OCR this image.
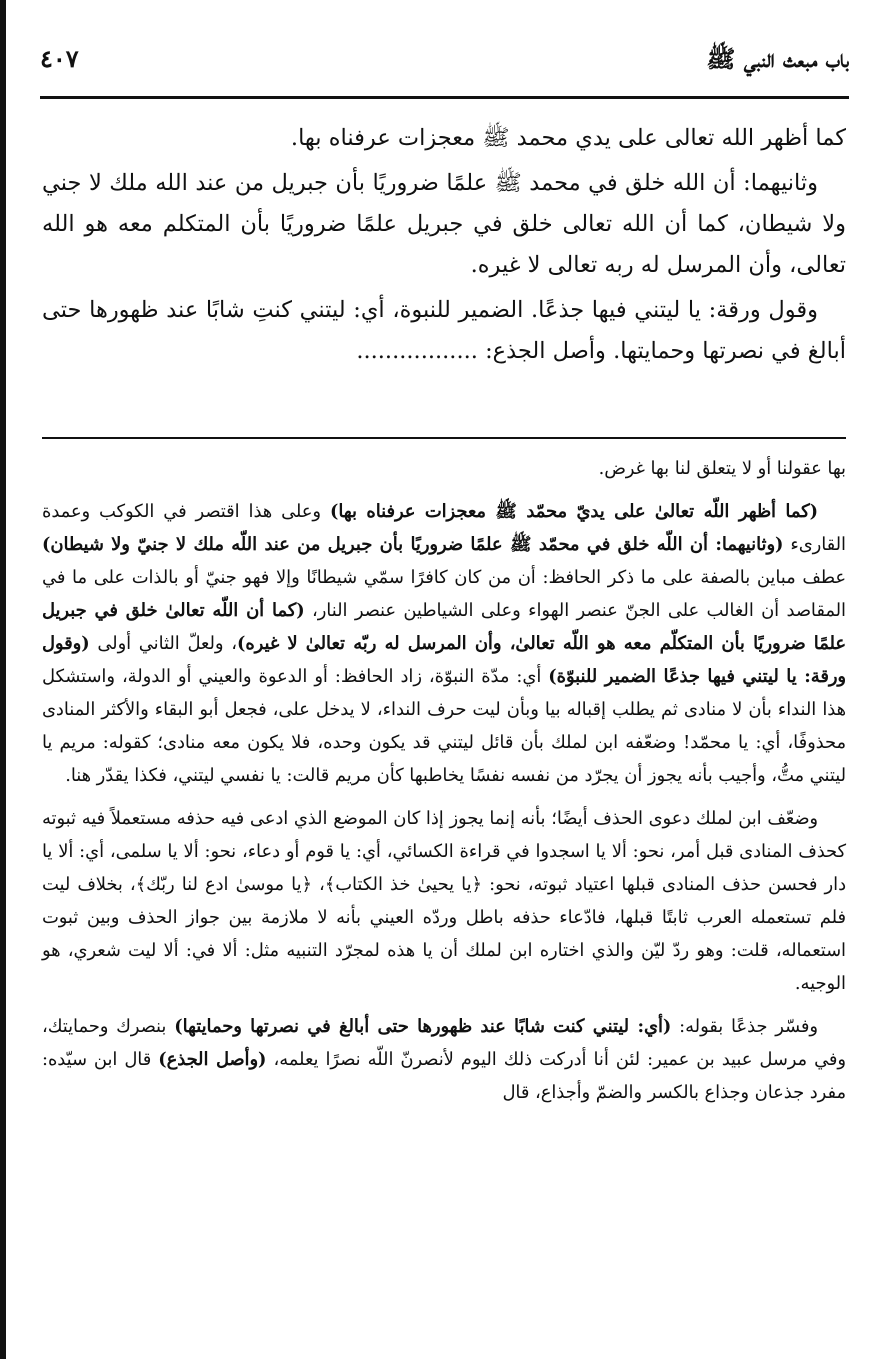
باب مبعث النبي ﷺ
٤٠٧

كما أظهر الله تعالى على يدي محمد ﷺ معجزات عرفناه بها.

وثانيهما: أن الله خلق في محمد ﷺ علمًا ضروريًا بأن جبريل من عند الله ملك لا جني ولا شيطان، كما أن الله تعالى خلق في جبريل علمًا ضروريًا بأن المتكلم معه هو الله تعالى، وأن المرسل له ربه تعالى لا غيره.

وقول ورقة: يا ليتني فيها جذعًا. الضمير للنبوة، أي: ليتني كنتِ شابًا عند ظهورها حتى أبالغ في نصرتها وحمايتها. وأصل الجذع: .................

بها عقولنا أو لا يتعلق لنا بها غرض.

(كما أظهر اللّه تعالىٰ على يديّ محمّد ﷺ معجزات عرفناه بها) وعلى هذا اقتصر في الكوكب وعمدة القارىء (وثانيهما: أن اللّه خلق في محمّد ﷺ علمًا ضروريًا بأن جبريل من عند اللّه ملك لا جنيّ ولا شيطان) عطف مباين بالصفة على ما ذكر الحافظ: أن من كان كافرًا سمّي شيطانًا وإلا فهو جنيّ أو بالذات على ما في المقاصد أن الغالب على الجنّ عنصر الهواء وعلى الشياطين عنصر النار، (كما أن اللّه تعالىٰ خلق في جبريل علمًا ضروريًا بأن المتكلّم معه هو اللّه تعالىٰ، وأن المرسل له ربّه تعالىٰ لا غيره)، ولعلّ الثاني أولى (وقول ورقة: يا ليتني فيها جذعًا الضمير للنبوّة) أي: مدّة النبوّة، زاد الحافظ: أو الدعوة والعيني أو الدولة، واستشكل هذا النداء بأن لا منادى ثم يطلب إقباله بيا وبأن ليت حرف النداء، لا يدخل على، فجعل أبو البقاء والأكثر المنادى محذوفًا، أي: يا محمّد! وضعّفه ابن لملك بأن قائل ليتني قد يكون وحده، فلا يكون معه منادى؛ كقوله: مريم يا ليتني متُّ، وأجيب بأنه يجوز أن يجرّد من نفسه نفسًا يخاطبها كأن مريم قالت: يا نفسي ليتني، فكذا يقدّر هنا.

وضعّف ابن لملك دعوى الحذف أيضًا؛ بأنه إنما يجوز إذا كان الموضع الذي ادعى فيه حذفه مستعملاً فيه ثبوته كحذف المنادى قبل أمر، نحو: ألا يا اسجدوا في قراءة الكسائي، أي: يا قوم أو دعاء، نحو: ألا يا سلمى، أي: ألا يا دار فحسن حذف المنادى قبلها اعتياد ثبوته، نحو: ﴿يا يحيىٰ خذ الكتاب﴾، ﴿يا موسىٰ ادع لنا ربّك﴾، بخلاف ليت فلم تستعمله العرب ثابتًا قبلها، فادّعاء حذفه باطل وردّه العيني بأنه لا ملازمة بين جواز الحذف وبين ثبوت استعماله، قلت: وهو ردّ ليّن والذي اختاره ابن لملك أن يا هذه لمجرّد التنبيه مثل: ألا في: ألا ليت شعري، هو الوجيه.

وفسّر جذعًا بقوله: (أي: ليتني كنت شابًا عند ظهورها حتى أبالغ في نصرتها وحمايتها) بنصرك وحمايتك، وفي مرسل عبيد بن عمير: لئن أنا أدركت ذلك اليوم لأنصرنّ اللّه نصرًا يعلمه، (وأصل الجذع) قال ابن سيّده: مفرد جذعان وجذاع بالكسر والضمّ وأجذاع، قال
